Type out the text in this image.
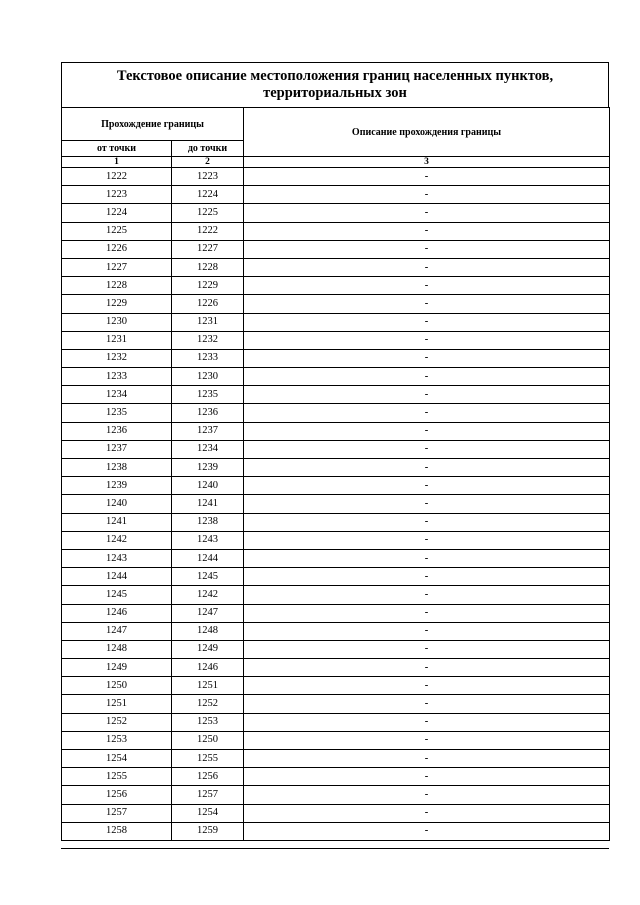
Текстовое описание местоположения границ населенных пунктов,
территориальных зон
Прохождение границы		Описание прохождения границы
от точки	до точки	
1	2	3
1222	1223	-
1223	1224	-
1224	1225	-
1225	1222	-
1226	1227	-
1227	1228	-
1228	1229	-
1229	1226	-
1230	1231	-
1231	1232	-
1232	1233	-
1233	1230	-
1234	1235	-
1235	1236	-
1236	1237	-
1237	1234	-
1238	1239	-
1239	1240	-
1240	1241	-
1241	1238	-
1242	1243	-
1243	1244	-
1244	1245	-
1245	1242	-
1246	1247	-
1247	1248	-
1248	1249	-
1249	1246	-
1250	1251	-
1251	1252	-
1252	1253	-
1253	1250	-
1254	1255	-
1255	1256	-
1256	1257	-
1257	1254	-
1258	1259	-
